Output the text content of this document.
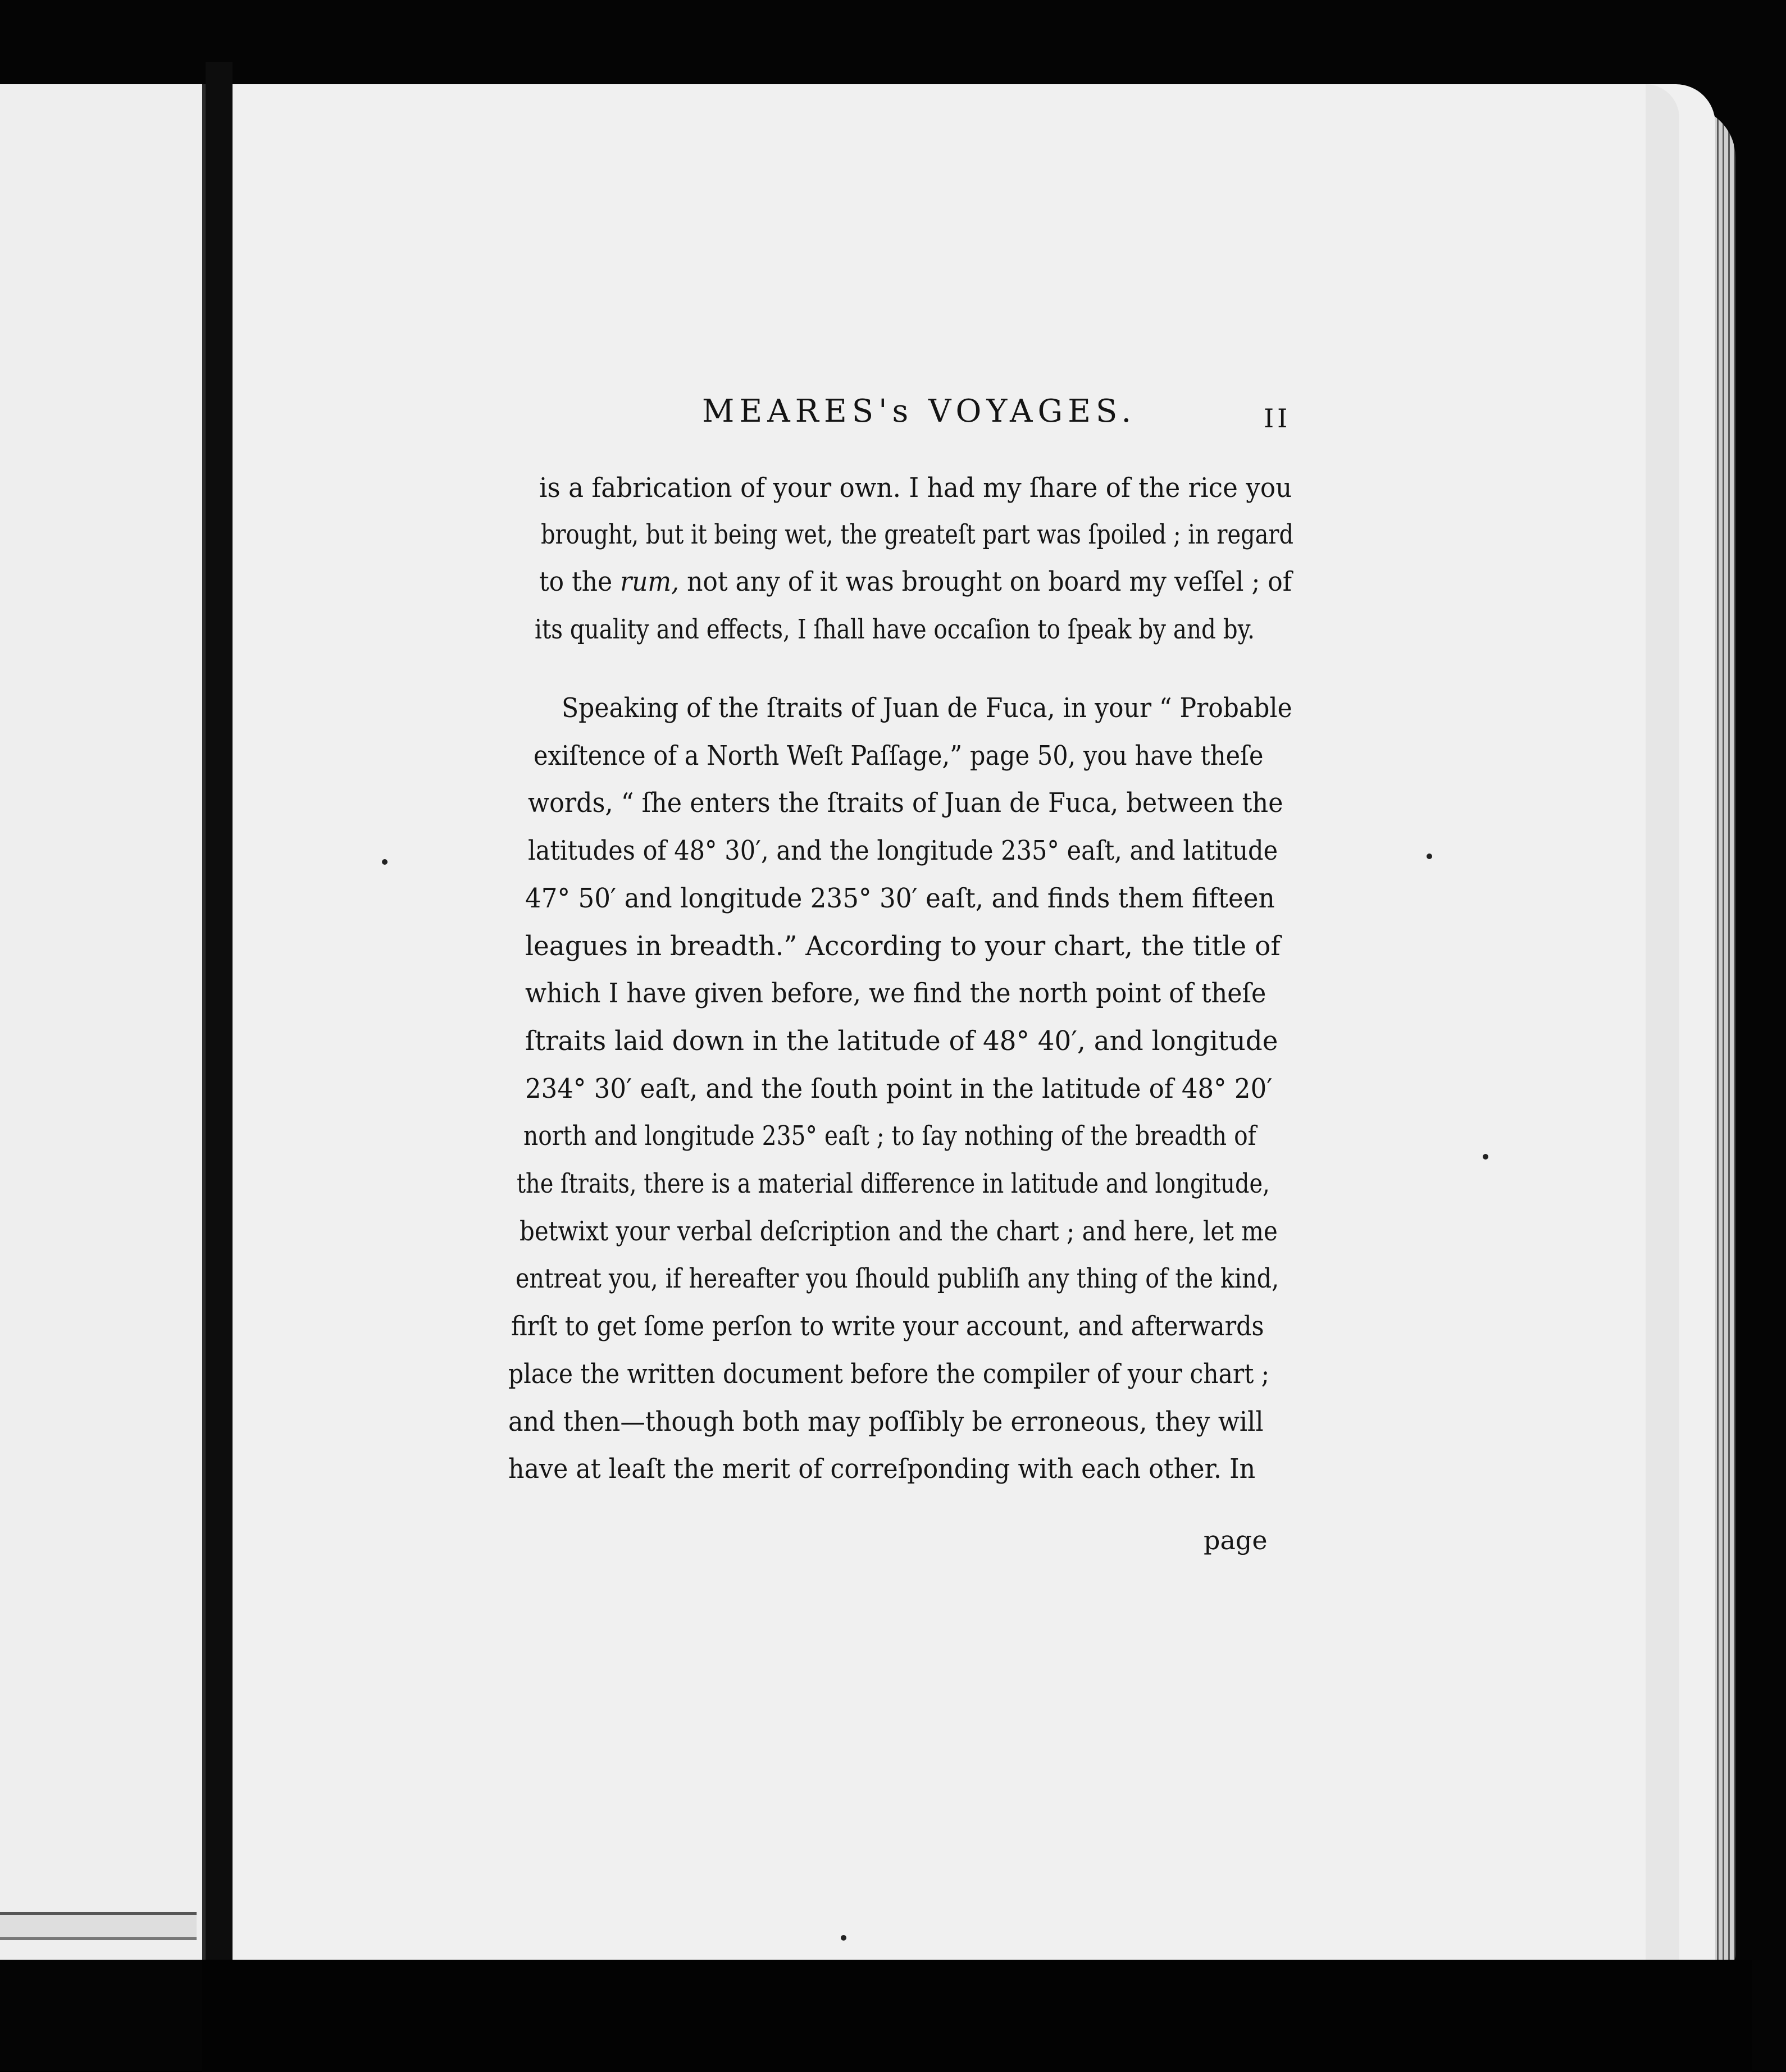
MEARES's VOYAGES.	II
is a fabrication of your own. I had my ſhare of the rice you
brought, but it being wet, the greateſt part was ſpoiled ; in regard
to the rum, not any of it was brought on board my veſſel ; of
its quality and effects, I ſhall have occaſion to ſpeak by and by.
Speaking of the ſtraits of Juan de Fuca, in your “ Probable
exiſtence of a North Weſt Paſſage,” page 50, you have theſe
words, “ ſhe enters the ſtraits of Juan de Fuca, between the
latitudes of 48° 30′, and the longitude 235° eaſt, and latitude
47° 50′ and longitude 235° 30′ eaſt, and finds them fifteen
leagues in breadth.” According to your chart, the title of
which I have given before, we find the north point of theſe
ſtraits laid down in the latitude of 48° 40′, and longitude
234° 30′ eaſt, and the ſouth point in the latitude of 48° 20′
north and longitude 235° eaſt ; to ſay nothing of the breadth of
the ſtraits, there is a material difference in latitude and longitude,
betwixt your verbal deſcription and the chart ; and here, let me
entreat you, if hereafter you ſhould publiſh any thing of the kind,
firſt to get ſome perſon to write your account, and afterwards
place the written document before the compiler of your chart ;
and then—though both may poſſibly be erroneous, they will
have at leaſt the merit of correſponding with each other. In
page
